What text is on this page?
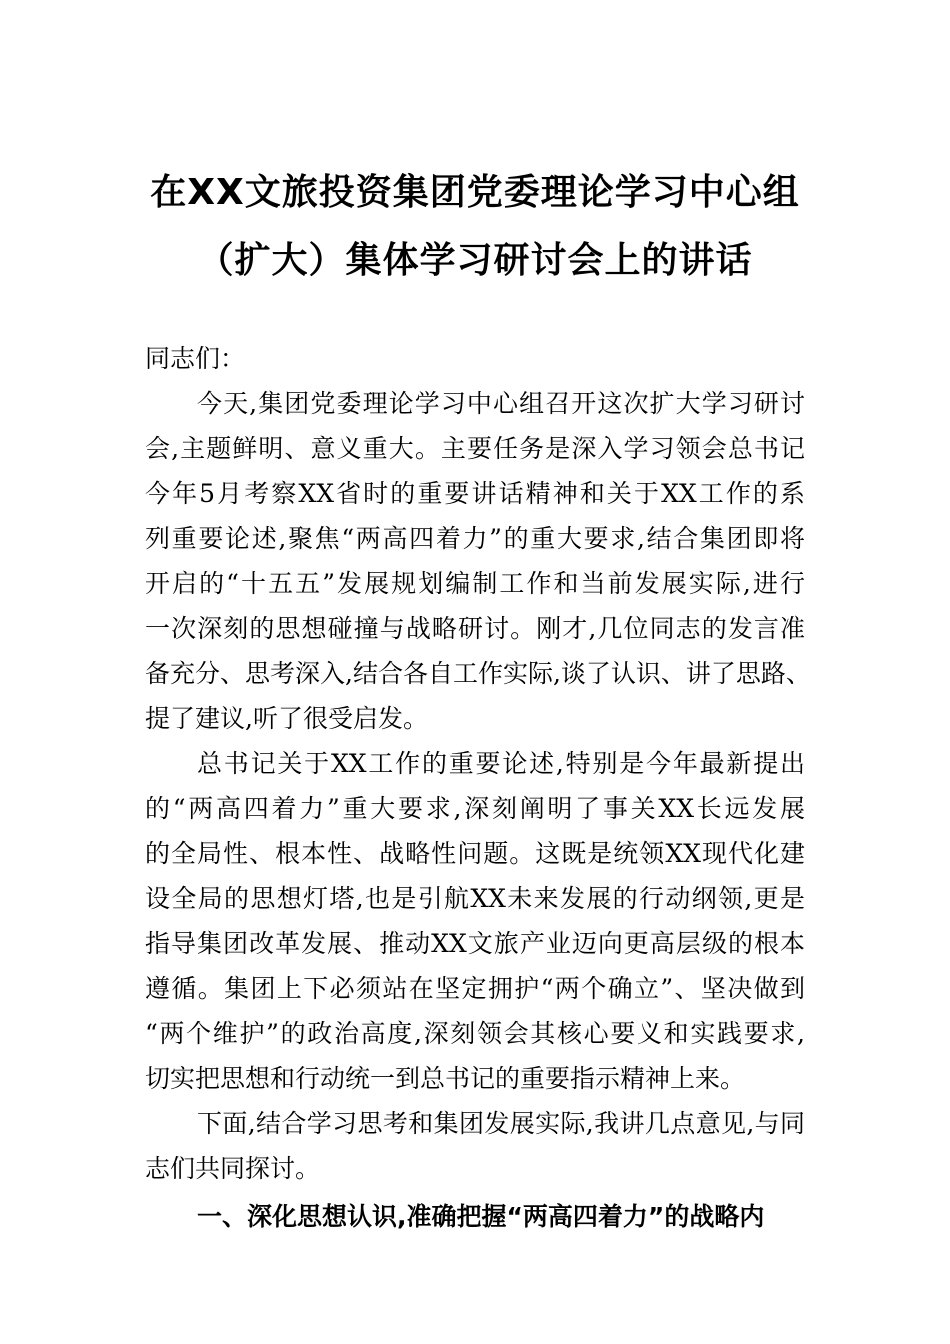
在XX文旅投资集团党委理论学习中心组
（扩大）集体学习研讨会上的讲话
同志们：
今天,集团党委理论学习中心组召开这次扩大学习研讨
会,主题鲜明、意义重大。主要任务是深入学习领会总书记
今年5月考察XX省时的重要讲话精神和关于XX工作的系
列重要论述,聚焦“两高四着力”的重大要求,结合集团即将
开启的“十五五”发展规划编制工作和当前发展实际,进行
一次深刻的思想碰撞与战略研讨。刚才,几位同志的发言准
备充分、思考深入,结合各自工作实际,谈了认识、讲了思路、
提了建议,听了很受启发。
总书记关于XX工作的重要论述,特别是今年最新提出
的“两高四着力”重大要求,深刻阐明了事关XX长远发展
的全局性、根本性、战略性问题。这既是统领XX现代化建
设全局的思想灯塔,也是引航XX未来发展的行动纲领,更是
指导集团改革发展、推动XX文旅产业迈向更高层级的根本
遵循。集团上下必须站在坚定拥护“两个确立”、坚决做到
“两个维护”的政治高度,深刻领会其核心要义和实践要求,
切实把思想和行动统一到总书记的重要指示精神上来。
下面,结合学习思考和集团发展实际,我讲几点意见,与同
志们共同探讨。
一、深化思想认识,准确把握“两高四着力”的战略内
